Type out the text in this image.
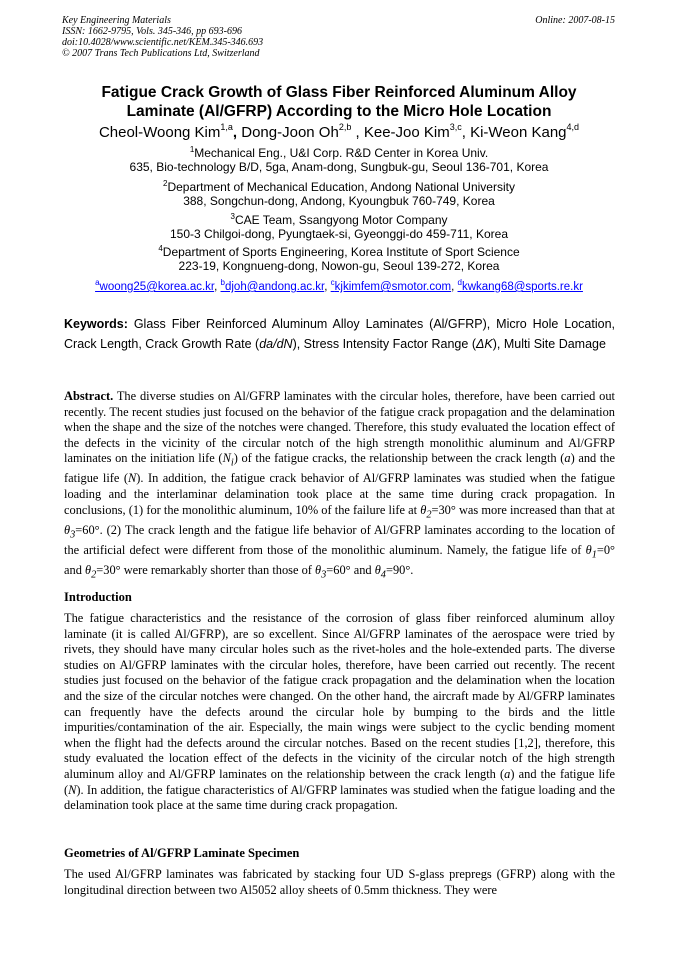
Key Engineering Materials
ISSN: 1662-9795, Vols. 345-346, pp 693-696
doi:10.4028/www.scientific.net/KEM.345-346.693
© 2007 Trans Tech Publications Ltd, Switzerland
Online: 2007-08-15
Fatigue Crack Growth of Glass Fiber Reinforced Aluminum Alloy
Laminate (Al/GFRP) According to the Micro Hole Location
Cheol-Woong Kim$^{1,a}$, Dong-Joon Oh$^{2,b}$ , Kee-Joo Kim$^{3,c}$, Ki-Weon Kang$^{4,d}$
$^1$Mechanical Eng., U&I Corp. R&D Center in Korea Univ.
635, Bio-technology B/D, 5ga, Anam-dong, Sungbuk-gu, Seoul 136-701, Korea
$^2$Department of Mechanical Education, Andong National University
388, Songchun-dong, Andong, Kyoungbuk 760-749, Korea
$^3$CAE Team, Ssangyong Motor Company
150-3 Chilgoi-dong, Pyungtaek-si, Gyeonggi-do 459-711, Korea
$^4$Department of Sports Engineering, Korea Institute of Sport Science
223-19, Kongnueng-dong, Nowon-gu, Seoul 139-272, Korea
$^a$woong25@korea.ac.kr, $^b$djoh@andong.ac.kr, $^c$kjkimfem@smotor.com, $^d$kwkang68@sports.re.kr
Keywords: Glass Fiber Reinforced Aluminum Alloy Laminates (Al/GFRP), Micro Hole Location, Crack Length, Crack Growth Rate (da/dN), Stress Intensity Factor Range (ΔK), Multi Site Damage
Abstract. The diverse studies on Al/GFRP laminates with the circular holes, therefore, have been carried out recently. The recent studies just focused on the behavior of the fatigue crack propagation and the delamination when the shape and the size of the notches were changed. Therefore, this study evaluated the location effect of the defects in the vicinity of the circular notch of the high strength monolithic aluminum and Al/GFRP laminates on the initiation life $(N_i)$ of the fatigue cracks, the relationship between the crack length (a) and the fatigue life (N). In addition, the fatigue crack behavior of Al/GFRP laminates was studied when the fatigue loading and the interlaminar delamination took place at the same time during crack propagation. In conclusions, (1) for the monolithic aluminum, 10% of the failure life at $\theta_2=30^\circ$ was more increased than that at $\theta_3=60^\circ$. (2) The crack length and the fatigue life behavior of Al/GFRP laminates according to the location of the artificial defect were different from those of the monolithic aluminum. Namely, the fatigue life of $\theta_1=0^\circ$ and $\theta_2=30^\circ$ were remarkably shorter than those of $\theta_3=60^\circ$ and $\theta_4=90^\circ$.
Introduction
The fatigue characteristics and the resistance of the corrosion of glass fiber reinforced aluminum alloy laminate (it is called Al/GFRP), are so excellent. Since Al/GFRP laminates of the aerospace were tried by rivets, they should have many circular holes such as the rivet-holes and the hole-extended parts. The diverse studies on Al/GFRP laminates with the circular holes, therefore, have been carried out recently. The recent studies just focused on the behavior of the fatigue crack propagation and the delamination when the location and the size of the circular notches were changed. On the other hand, the aircraft made by Al/GFRP laminates can frequently have the defects around the circular hole by bumping to the birds and the little impurities/contamination of the air. Especially, the main wings were subject to the cyclic bending moment when the flight had the defects around the circular notches. Based on the recent studies [1,2], therefore, this study evaluated the location effect of the defects in the vicinity of the circular notch of the high strength aluminum alloy and Al/GFRP laminates on the relationship between the crack length (a) and the fatigue life (N). In addition, the fatigue characteristics of Al/GFRP laminates was studied when the fatigue loading and the delamination took place at the same time during crack propagation.
Geometries of Al/GFRP Laminate Specimen
The used Al/GFRP laminates was fabricated by stacking four UD S-glass prepregs (GFRP) along with the longitudinal direction between two Al5052 alloy sheets of 0.5mm thickness. They were
